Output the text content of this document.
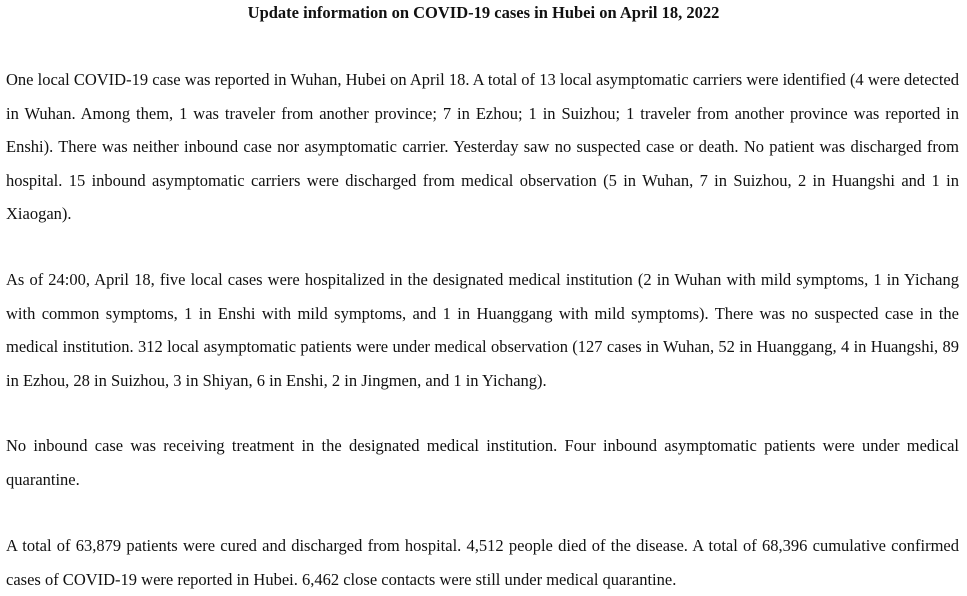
Update information on COVID-19 cases in Hubei on April 18, 2022

One local COVID-19 case was reported in Wuhan, Hubei on April 18. A total of 13 local asymptomatic carriers were identified (4 were detected in Wuhan. Among them, 1 was traveler from another province; 7 in Ezhou; 1 in Suizhou; 1 traveler from another province was reported in Enshi). There was neither inbound case nor asymptomatic carrier. Yesterday saw no suspected case or death. No patient was discharged from hospital. 15 inbound asymptomatic carriers were discharged from medical observation (5 in Wuhan, 7 in Suizhou, 2 in Huangshi and 1 in Xiaogan).

As of 24:00, April 18, five local cases were hospitalized in the designated medical institution (2 in Wuhan with mild symptoms, 1 in Yichang with common symptoms, 1 in Enshi with mild symptoms, and 1 in Huanggang with mild symptoms). There was no suspected case in the medical institution. 312 local asymptomatic patients were under medical observation (127 cases in Wuhan, 52 in Huanggang, 4 in Huangshi, 89 in Ezhou, 28 in Suizhou, 3 in Shiyan, 6 in Enshi, 2 in Jingmen, and 1 in Yichang).

No inbound case was receiving treatment in the designated medical institution. Four inbound asymptomatic patients were under medical quarantine.

A total of 63,879 patients were cured and discharged from hospital. 4,512 people died of the disease. A total of 68,396 cumulative confirmed cases of COVID-19 were reported in Hubei. 6,462 close contacts were still under medical quarantine.
